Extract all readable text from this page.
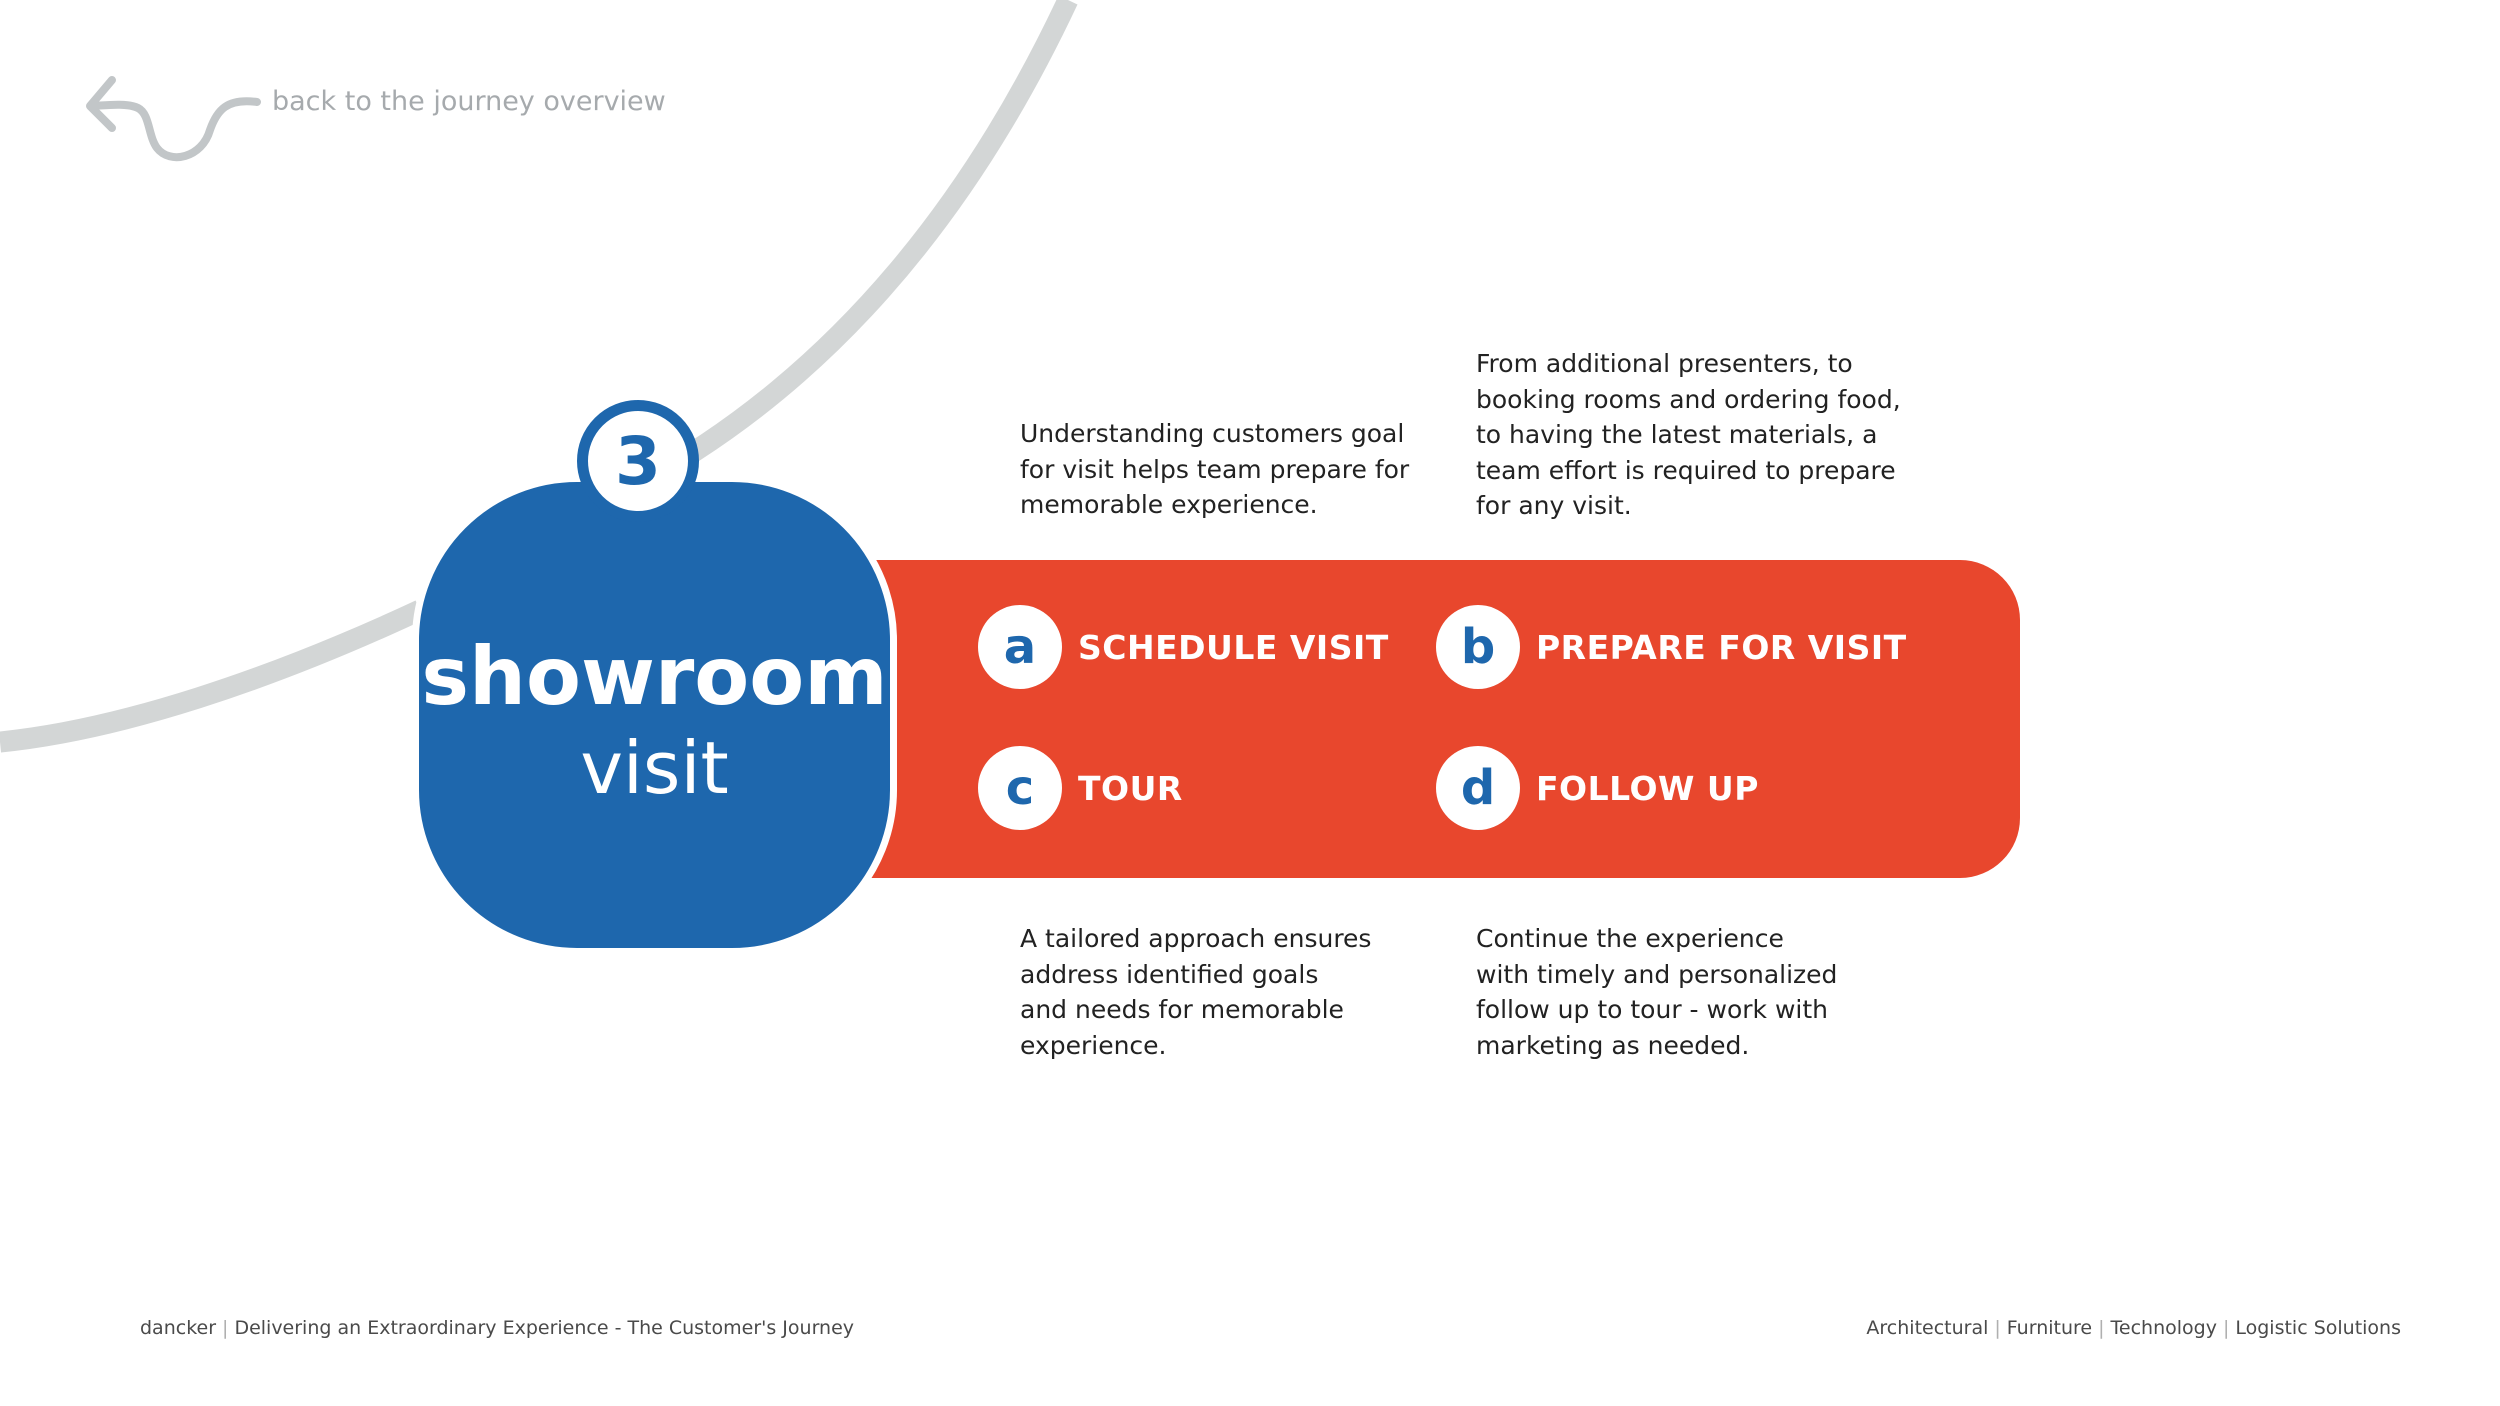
back to the journey overview
showroom
visit
3
a	SCHEDULE VISIT	b	PREPARE FOR VISIT
c	TOUR	d	FOLLOW UP
Understanding customers goal
for visit helps team prepare for
memorable experience.
From additional presenters, to
booking rooms and ordering food,
to having the latest materials, a
team effort is required to prepare
for any visit.
A tailored approach ensures
address identified goals
and needs for memorable
experience.
Continue the experience
with timely and personalized
follow up to tour - work with
marketing as needed.
dancker | Delivering an Extraordinary Experience - The Customer's Journey	Architectural | Furniture | Technology | Logistic Solutions
